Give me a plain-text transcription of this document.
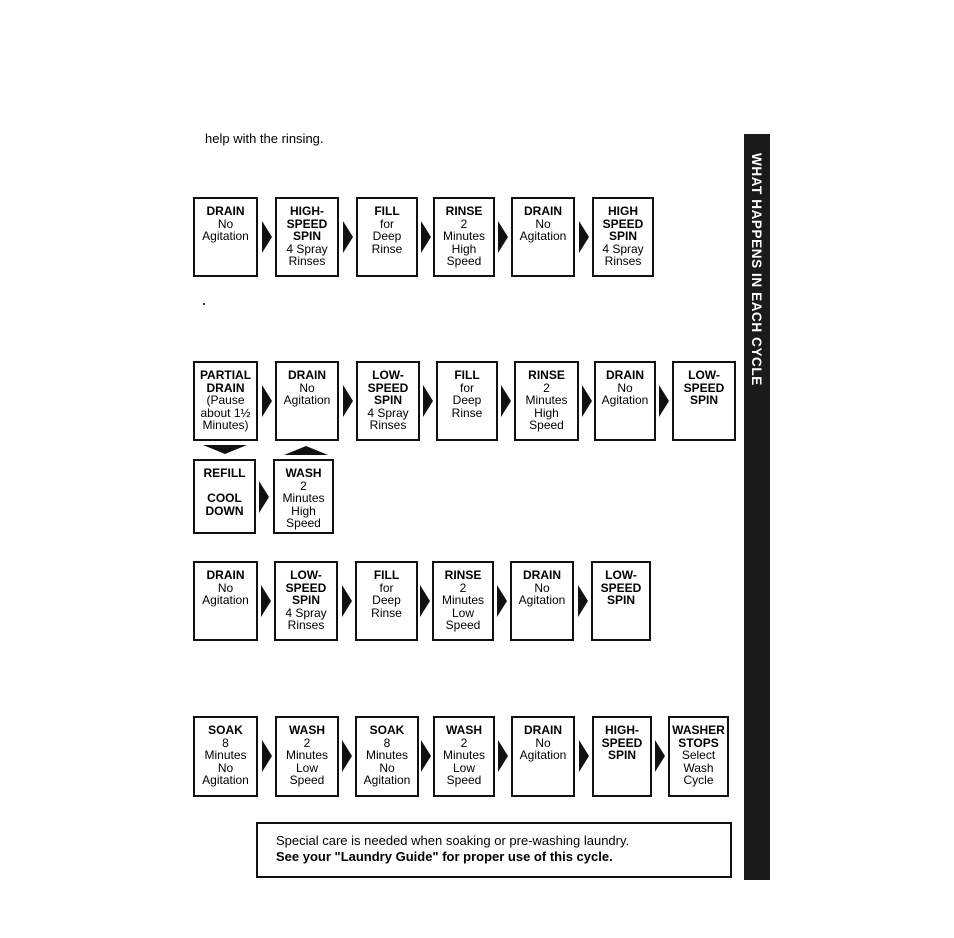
help with the rinsing.
WHAT HAPPENS IN EACH CYCLE
DRAIN
No
Agitation
HIGH-
SPEED
SPIN
4 Spray
Rinses
FILL
for
Deep
Rinse
RINSE
2
Minutes
High
Speed
DRAIN
No
Agitation
HIGH
SPEED
SPIN
4 Spray
Rinses
PARTIAL
DRAIN
(Pause
about 1½
Minutes)
DRAIN
No
Agitation
LOW-
SPEED
SPIN
4 Spray
Rinses
FILL
for
Deep
Rinse
RINSE
2
Minutes
High
Speed
DRAIN
No
Agitation
LOW-
SPEED
SPIN
REFILL

COOL
DOWN
WASH
2
Minutes
High
Speed
DRAIN
No
Agitation
LOW-
SPEED
SPIN
4 Spray
Rinses
FILL
for
Deep
Rinse
RINSE
2
Minutes
Low
Speed
DRAIN
No
Agitation
LOW-
SPEED
SPIN
SOAK
8
Minutes
No
Agitation
WASH
2
Minutes
Low
Speed
SOAK
8
Minutes
No
Agitation
WASH
2
Minutes
Low
Speed
DRAIN
No
Agitation
HIGH-
SPEED
SPIN
WASHER
STOPS
Select
Wash
Cycle
Special care is needed when soaking or pre-washing laundry.
See your "Laundry Guide" for proper use of this cycle.
